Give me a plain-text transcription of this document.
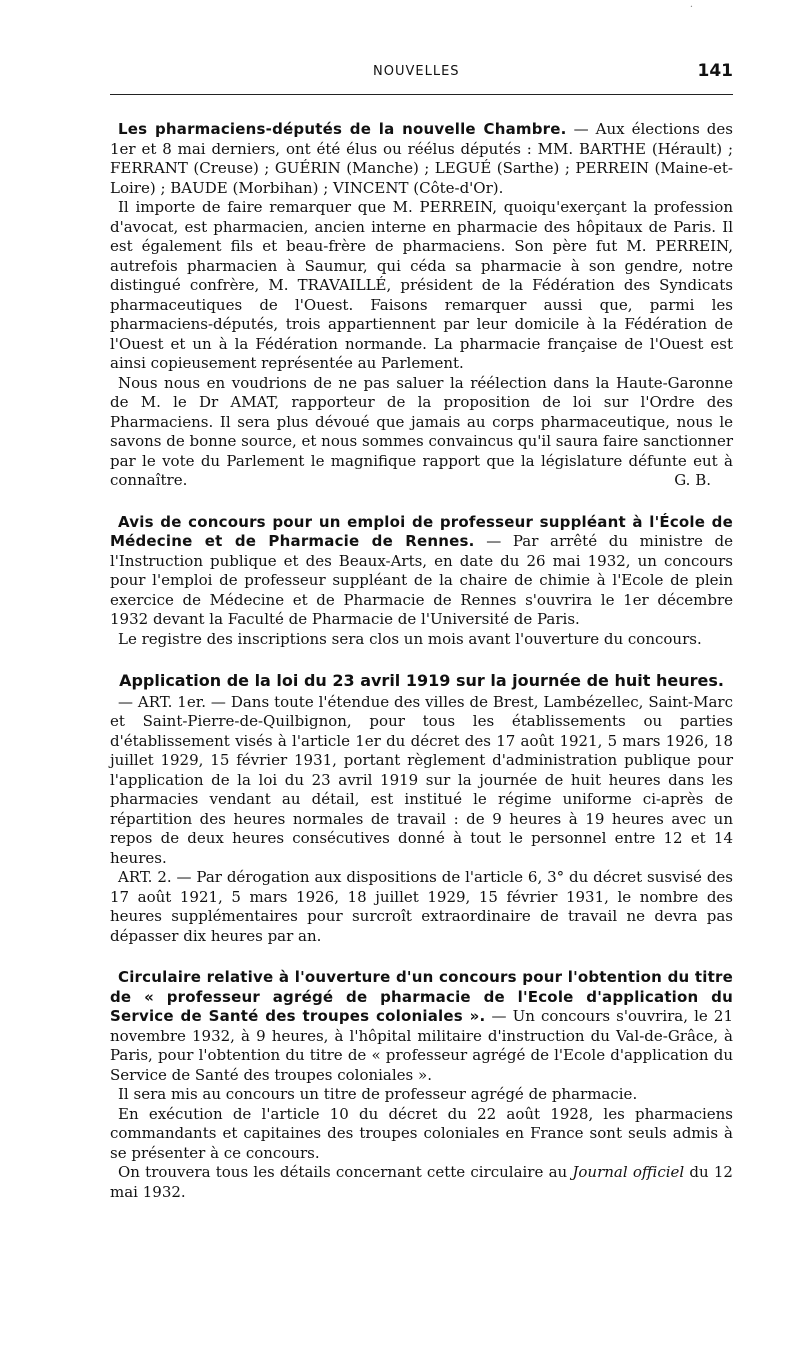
·
NOUVELLES	141

Les pharmaciens-députés de la nouvelle Chambre. — Aux élections des 1er et 8 mai derniers, ont été élus ou réélus députés : MM. BARTHE (Hérault) ; FERRANT (Creuse) ; GUÉRIN (Manche) ; LEGUÉ (Sarthe) ; PERREIN (Maine-et-Loire) ; BAUDE (Morbihan) ; VINCENT (Côte-d'Or).

Il importe de faire remarquer que M. PERREIN, quoiqu'exerçant la profession d'avocat, est pharmacien, ancien interne en pharmacie des hôpitaux de Paris. Il est également fils et beau-frère de pharmaciens. Son père fut M. PERREIN, autrefois pharmacien à Saumur, qui céda sa pharmacie à son gendre, notre distingué confrère, M. TRAVAILLÉ, président de la Fédération des Syndicats pharmaceutiques de l'Ouest. Faisons remarquer aussi que, parmi les pharmaciens-députés, trois appartiennent par leur domicile à la Fédération de l'Ouest et un à la Fédération normande. La pharmacie française de l'Ouest est ainsi copieusement représentée au Parlement.

Nous nous en voudrions de ne pas saluer la réélection dans la Haute-Garonne de M. le Dr AMAT, rapporteur de la proposition de loi sur l'Ordre des Pharmaciens. Il sera plus dévoué que jamais au corps pharmaceutique, nous le savons de bonne source, et nous sommes convaincus qu'il saura faire sanctionner par le vote du Parlement le magnifique rapport que la législature défunte eut à connaître.	G. B.

Avis de concours pour un emploi de professeur suppléant à l'École de Médecine et de Pharmacie de Rennes. — Par arrêté du ministre de l'Instruction publique et des Beaux-Arts, en date du 26 mai 1932, un concours pour l'emploi de professeur suppléant de la chaire de chimie à l'Ecole de plein exercice de Médecine et de Pharmacie de Rennes s'ouvrira le 1er décembre 1932 devant la Faculté de Pharmacie de l'Université de Paris.

Le registre des inscriptions sera clos un mois avant l'ouverture du concours.

Application de la loi du 23 avril 1919 sur la journée de huit heures.

— ART. 1er. — Dans toute l'étendue des villes de Brest, Lambézellec, Saint-Marc et Saint-Pierre-de-Quilbignon, pour tous les établissements ou parties d'établissement visés à l'article 1er du décret des 17 août 1921, 5 mars 1926, 18 juillet 1929, 15 février 1931, portant règlement d'administration publique pour l'application de la loi du 23 avril 1919 sur la journée de huit heures dans les pharmacies vendant au détail, est institué le régime uniforme ci-après de répartition des heures normales de travail : de 9 heures à 19 heures avec un repos de deux heures consécutives donné à tout le personnel entre 12 et 14 heures.

ART. 2. — Par dérogation aux dispositions de l'article 6, 3° du décret susvisé des 17 août 1921, 5 mars 1926, 18 juillet 1929, 15 février 1931, le nombre des heures supplémentaires pour surcroît extraordinaire de travail ne devra pas dépasser dix heures par an.

Circulaire relative à l'ouverture d'un concours pour l'obtention du titre de « professeur agrégé de pharmacie de l'Ecole d'application du Service de Santé des troupes coloniales ». — Un concours s'ouvrira, le 21 novembre 1932, à 9 heures, à l'hôpital militaire d'instruction du Val-de-Grâce, à Paris, pour l'obtention du titre de « professeur agrégé de l'Ecole d'application du Service de Santé des troupes coloniales ».

Il sera mis au concours un titre de professeur agrégé de pharmacie.

En exécution de l'article 10 du décret du 22 août 1928, les pharmaciens commandants et capitaines des troupes coloniales en France sont seuls admis à se présenter à ce concours.

On trouvera tous les détails concernant cette circulaire au Journal officiel du 12 mai 1932.
